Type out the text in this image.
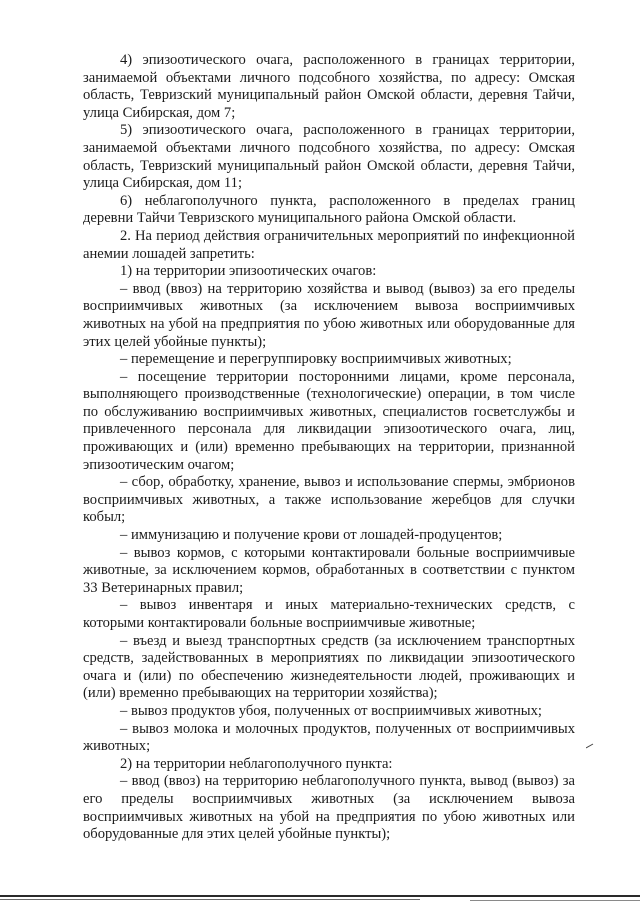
4) эпизоотического очага, расположенного в границах территории, занимаемой объектами личного подсобного хозяйства, по адресу: Омская область, Тевризский муниципальный район Омской области, деревня Тайчи, улица Сибирская, дом 7;

5) эпизоотического очага, расположенного в границах территории, занимаемой объектами личного подсобного хозяйства, по адресу: Омская область, Тевризский муниципальный район Омской области, деревня Тайчи, улица Сибирская, дом 11;

6) неблагополучного пункта, расположенного в пределах границ деревни Тайчи Тевризского муниципального района Омской области.

2. На период действия ограничительных мероприятий по инфекционной анемии лошадей запретить:

1) на территории эпизоотических очагов:

– ввод (ввоз) на территорию хозяйства и вывод (вывоз) за его пределы восприимчивых животных (за исключением вывоза восприимчивых животных на убой на предприятия по убою животных или оборудованные для этих целей убойные пункты);

– перемещение и перегруппировку восприимчивых животных;

– посещение территории посторонними лицами, кроме персонала, выполняющего производственные (технологические) операции, в том числе по обслуживанию восприимчивых животных, специалистов госветслужбы и привлеченного персонала для ликвидации эпизоотического очага, лиц, проживающих и (или) временно пребывающих на территории, признанной эпизоотическим очагом;

– сбор, обработку, хранение, вывоз и использование спермы, эмбрионов восприимчивых животных, а также использование жеребцов для случки кобыл;

– иммунизацию и получение крови от лошадей-продуцентов;

– вывоз кормов, с которыми контактировали больные восприимчивые животные, за исключением кормов, обработанных в соответствии с пунктом 33 Ветеринарных правил;

– вывоз инвентаря и иных материально-технических средств, с которыми контактировали больные восприимчивые животные;

– въезд и выезд транспортных средств (за исключением транспортных средств, задействованных в мероприятиях по ликвидации эпизоотического очага и (или) по обеспечению жизнедеятельности людей, проживающих и (или) временно пребывающих на территории хозяйства);

– вывоз продуктов убоя, полученных от восприимчивых животных;

– вывоз молока и молочных продуктов, полученных от восприимчивых животных;

2) на территории неблагополучного пункта:

– ввод (ввоз) на территорию неблагополучного пункта, вывод (вывоз) за его пределы восприимчивых животных (за исключением вывоза восприимчивых животных на убой на предприятия по убою животных или оборудованные для этих целей убойные пункты);
